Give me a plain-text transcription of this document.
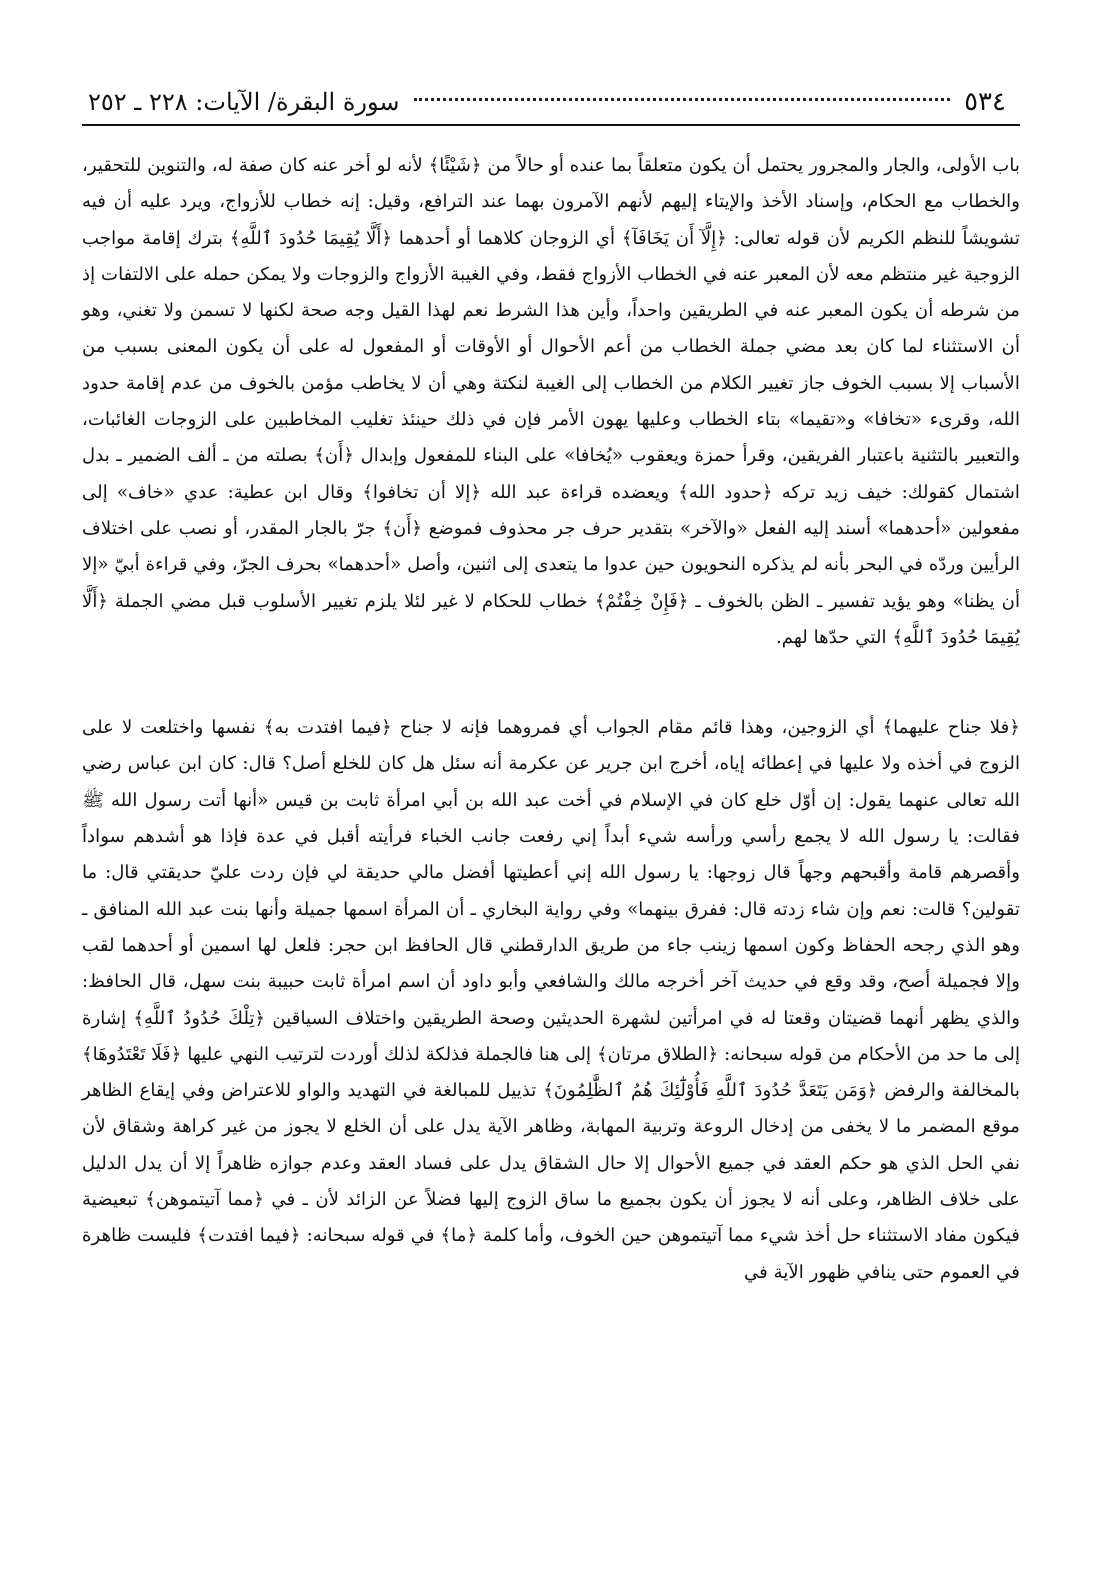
٥٣٤
سورة البقرة/ الآيات: ٢٢٨ ـ ٢٥٢

باب الأولى، والجار والمجرور يحتمل أن يكون متعلقاً بما عنده أو حالاً من ﴿شَيْئًا﴾ لأنه لو أخر عنه كان صفة له، والتنوين للتحقير، والخطاب مع الحكام، وإسناد الأخذ والإيتاء إليهم لأنهم الآمرون بهما عند الترافع، وقيل: إنه خطاب للأزواج، ويرد عليه أن فيه تشويشاً للنظم الكريم لأن قوله تعالى: ﴿إِلَّآ أَن يَخَافَآ﴾ أي الزوجان كلاهما أو أحدهما ﴿أَلَّا يُقِيمَا حُدُودَ ٱللَّهِ﴾ بترك إقامة مواجب الزوجية غير منتظم معه لأن المعبر عنه في الخطاب الأزواج فقط، وفي الغيبة الأزواج والزوجات ولا يمكن حمله على الالتفات إذ من شرطه أن يكون المعبر عنه في الطريقين واحداً، وأين هذا الشرط نعم لهذا القيل وجه صحة لكنها لا تسمن ولا تغني، وهو أن الاستثناء لما كان بعد مضي جملة الخطاب من أعم الأحوال أو الأوقات أو المفعول له على أن يكون المعنى بسبب من الأسباب إلا بسبب الخوف جاز تغيير الكلام من الخطاب إلى الغيبة لنكتة وهي أن لا يخاطب مؤمن بالخوف من عدم إقامة حدود الله، وقرىء «تخافا» و«تقيما» بتاء الخطاب وعليها يهون الأمر فإن في ذلك حينئذ تغليب المخاطبين على الزوجات الغائبات، والتعبير بالتثنية باعتبار الفريقين، وقرأ حمزة ويعقوب «يُخافا» على البناء للمفعول وإبدال ﴿أَن﴾ بصلته من ـ ألف الضمير ـ بدل اشتمال كقولك: خيف زيد تركه ﴿حدود الله﴾ ويعضده قراءة عبد الله ﴿إلا أن تخافوا﴾ وقال ابن عطية: عدي «خاف» إلى مفعولين «أحدهما» أسند إليه الفعل «والآخر» بتقدير حرف جر محذوف فموضع ﴿أَن﴾ جرّ بالجار المقدر، أو نصب على اختلاف الرأيين وردّه في البحر بأنه لم يذكره النحويون حين عدوا ما يتعدى إلى اثنين، وأصل «أحدهما» بحرف الجرّ، وفي قراءة أبيّ «إلا أن يظنا» وهو يؤيد تفسير ـ الظن بالخوف ـ ﴿فَإِنْ خِفْتُمْ﴾ خطاب للحكام لا غير لئلا يلزم تغيير الأسلوب قبل مضي الجملة ﴿أَلَّا يُقِيمَا حُدُودَ ٱللَّهِ﴾ التي حدّها لهم.

﴿فلا جناح عليهما﴾ أي الزوجين، وهذا قائم مقام الجواب أي فمروهما فإنه لا جناح ﴿فيما افتدت به﴾ نفسها واختلعت لا على الزوج في أخذه ولا عليها في إعطائه إياه، أخرج ابن جرير عن عكرمة أنه سئل هل كان للخلع أصل؟ قال: كان ابن عباس رضي الله تعالى عنهما يقول: إن أوّل خلع كان في الإسلام في أخت عبد الله بن أبي امرأة ثابت بن قيس «أنها أتت رسول الله ﷺ فقالت: يا رسول الله لا يجمع رأسي ورأسه شيء أبداً إني رفعت جانب الخباء فرأيته أقبل في عدة فإذا هو أشدهم سواداً وأقصرهم قامة وأقبحهم وجهاً قال زوجها: يا رسول الله إني أعطيتها أفضل مالي حديقة لي فإن ردت عليّ حديقتي قال: ما تقولين؟ قالت: نعم وإن شاء زدته قال: ففرق بينهما» وفي رواية البخاري ـ أن المرأة اسمها جميلة وأنها بنت عبد الله المنافق ـ وهو الذي رجحه الحفاظ وكون اسمها زينب جاء من طريق الدارقطني قال الحافظ ابن حجر: فلعل لها اسمين أو أحدهما لقب وإلا فجميلة أصح، وقد وقع في حديث آخر أخرجه مالك والشافعي وأبو داود أن اسم امرأة ثابت حبيبة بنت سهل، قال الحافظ: والذي يظهر أنهما قضيتان وقعتا له في امرأتين لشهرة الحديثين وصحة الطريقين واختلاف السياقين ﴿تِلْكَ حُدُودُ ٱللَّهِ﴾ إشارة إلى ما حد من الأحكام من قوله سبحانه: ﴿الطلاق مرتان﴾ إلى هنا فالجملة فذلكة لذلك أوردت لترتيب النهي عليها ﴿فَلَا تَعْتَدُوهَا﴾ بالمخالفة والرفض ﴿وَمَن يَتَعَدَّ حُدُودَ ٱللَّهِ فَأُوْلَٰٓئِكَ هُمُ ٱلظَّٰلِمُونَ﴾ تذييل للمبالغة في التهديد والواو للاعتراض وفي إيقاع الظاهر موقع المضمر ما لا يخفى من إدخال الروعة وتربية المهابة، وظاهر الآية يدل على أن الخلع لا يجوز من غير كراهة وشقاق لأن نفي الحل الذي هو حكم العقد في جميع الأحوال إلا حال الشقاق يدل على فساد العقد وعدم جوازه ظاهراً إلا أن يدل الدليل على خلاف الظاهر، وعلى أنه لا يجوز أن يكون بجميع ما ساق الزوج إليها فضلاً عن الزائد لأن ـ في ﴿مما آتيتموهن﴾ تبعيضية فيكون مفاد الاستثناء حل أخذ شيء مما آتيتموهن حين الخوف، وأما كلمة ﴿ما﴾ في قوله سبحانه: ﴿فيما افتدت﴾ فليست ظاهرة في العموم حتى ينافي ظهور الآية في
